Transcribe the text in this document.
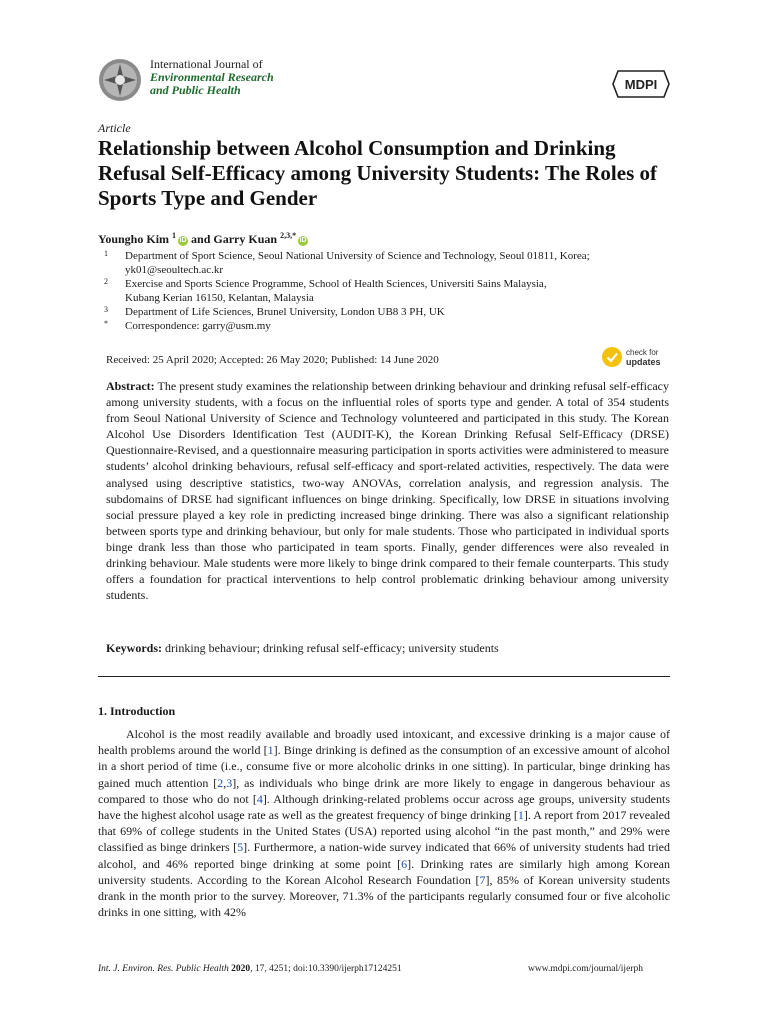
International Journal of
Environmental Research
and Public Health	MDPI
Article
Relationship between Alcohol Consumption and Drinking Refusal Self-Efficacy among University Students: The Roles of Sports Type and Gender
Youngho Kim $^1$iD and Garry Kuan $^{2,3,*}$iD
1 Department of Sport Science, Seoul National University of Science and Technology, Seoul 01811, Korea;
yk01@seoultech.ac.kr
2 Exercise and Sports Science Programme, School of Health Sciences, Universiti Sains Malaysia,
Kubang Kerian 16150, Kelantan, Malaysia
3 Department of Life Sciences, Brunel University, London UB8 3 PH, UK
* Correspondence: garry@usm.my
Received: 25 April 2020; Accepted: 26 May 2020; Published: 14 June 2020
check for
updates
Abstract: The present study examines the relationship between drinking behaviour and drinking refusal self-efficacy among university students, with a focus on the influential roles of sports type and gender. A total of 354 students from Seoul National University of Science and Technology volunteered and participated in this study. The Korean Alcohol Use Disorders Identification Test (AUDIT-K), the Korean Drinking Refusal Self-Efficacy (DRSE) Questionnaire-Revised, and a questionnaire measuring participation in sports activities were administered to measure students’ alcohol drinking behaviours, refusal self-efficacy and sport-related activities, respectively. The data were analysed using descriptive statistics, two-way ANOVAs, correlation analysis, and regression analysis. The subdomains of DRSE had significant influences on binge drinking. Specifically, low DRSE in situations involving social pressure played a key role in predicting increased binge drinking. There was also a significant relationship between sports type and drinking behaviour, but only for male students. Those who participated in individual sports binge drank less than those who participated in team sports. Finally, gender differences were also revealed in drinking behaviour. Male students were more likely to binge drink compared to their female counterparts. This study offers a foundation for practical interventions to help control problematic drinking behaviour among university students.
Keywords: drinking behaviour; drinking refusal self-efficacy; university students
1. Introduction

Alcohol is the most readily available and broadly used intoxicant, and excessive drinking is a major cause of health problems around the world [1]. Binge drinking is defined as the consumption of an excessive amount of alcohol in a short period of time (i.e., consume five or more alcoholic drinks in one sitting). In particular, binge drinking has gained much attention [2,3], as individuals who binge drink are more likely to engage in dangerous behaviour as compared to those who do not [4]. Although drinking-related problems occur across age groups, university students have the highest alcohol usage rate as well as the greatest frequency of binge drinking [1]. A report from 2017 revealed that 69% of college students in the United States (USA) reported using alcohol “in the past month,” and 29% were classified as binge drinkers [5]. Furthermore, a nation-wide survey indicated that 66% of university students had tried alcohol, and 46% reported binge drinking at some point [6]. Drinking rates are similarly high among Korean university students. According to the Korean Alcohol Research Foundation [7], 85% of Korean university students drank in the month prior to the survey. Moreover, 71.3% of the participants regularly consumed four or five alcoholic drinks in one sitting, with 42%

Int. J. Environ. Res. Public Health 2020, 17, 4251; doi:10.3390/ijerph17124251	www.mdpi.com/journal/ijerph
